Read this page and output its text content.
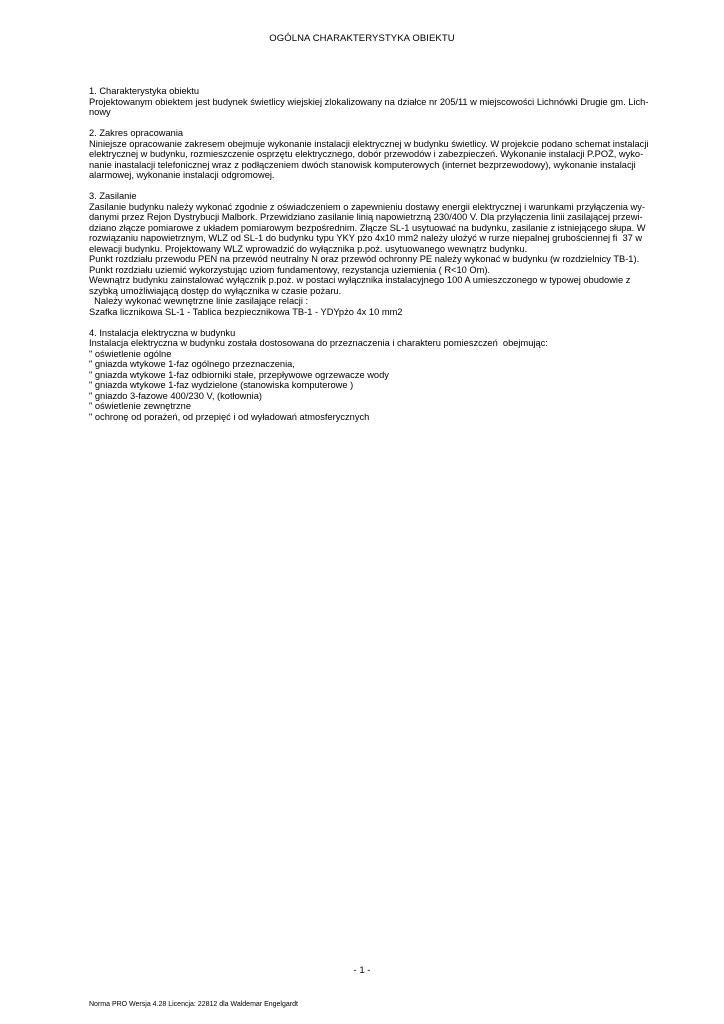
OGÓLNA CHARAKTERYSTYKA OBIEKTU

1. Charakterystyka obiektu

Projektowanym obiektem jest budynek świetlicy wiejskiej zlokalizowany na działce nr 205/11 w miejscowości Lichnówki Drugie gm. Lich-
nowy

2. Zakres opracowania

Niniejsze opracowanie zakresem obejmuje wykonanie instalacji elektrycznej w budynku świetlicy. W projekcie podano schemat instalacji
elektrycznej w budynku, rozmieszczenie osprzętu elektrycznego, dobór przewodów i zabezpieczeń. Wykonanie instalacji P.POŻ, wyko-
nanie inastalacji telefonicznej wraz z podłączeniem dwóch stanowisk komputerowych (internet bezprzewodowy), wykonanie instalacji
alarmowej, wykonanie instalacji odgromowej.

3. Zasilanie

Zasilanie budynku należy wykonać zgodnie z oświadczeniem o zapewnieniu dostawy energii elektrycznej i warunkami przyłączenia wy-
danymi przez Rejon Dystrybucji Malbork. Przewidziano zasilanie linią napowietrzną 230/400 V. Dla przyłączenia linii zasilającej przewi-
dziano złącze pomiarowe z układem pomiarowym bezpośrednim. Złącze SL-1 usytuować na budynku, zasilanie z istniejącego słupa. W
rozwiązaniu napowietrznym, WLZ od SL-1 do budynku typu YKY pżo 4x10 mm2 należy ułożyć w rurze niepalnej grubościennej fi  37 w
elewacji budynku. Projektowany WLZ wprowadzić do wyłącznika p.poż. usytuowanego wewnątrz budynku.
Punkt rozdziału przewodu PEN na przewód neutralny N oraz przewód ochronny PE należy wykonać w budynku (w rozdzielnicy TB-1).
Punkt rozdziału uziemić wykorzystując uziom fundamentowy, rezystancja uziemienia ( R<10 Om).
Wewnątrz budynku zainstalować wyłącznik p.poż. w postaci wyłącznika instalacyjnego 100 A umieszczonego w typowej obudowie z
szybką umożliwiającą dostęp do wyłącznika w czasie pożaru.
Należy wykonać wewnętrzne linie zasilające relacji :
Szafka licznikowa SL-1 - Tablica bezpiecznikowa TB-1 - YDYpżo 4x 10 mm2

4. Instalacja elektryczna w budynku

Instalacja elektryczna w budynku została dostosowana do przeznaczenia i charakteru pomieszczeń  obejmując:
" oświetlenie ogólne
" gniazda wtykowe 1-faz ogólnego przeznaczenia,
" gniazda wtykowe 1-faz odbiorniki stałe, przepływowe ogrzewacze wody
" gniazda wtykowe 1-faz wydzielone (stanowiska komputerowe )
" gniazdo 3-fazowe 400/230 V, (kotłownia)
" oświetlenie zewnętrzne
" ochronę od porażeń, od przepięć i od wyładowań atmosferycznych

- 1 -
Norma PRO Wersja 4.28 Licencja: 22812 dla Waldemar Engelgardt
